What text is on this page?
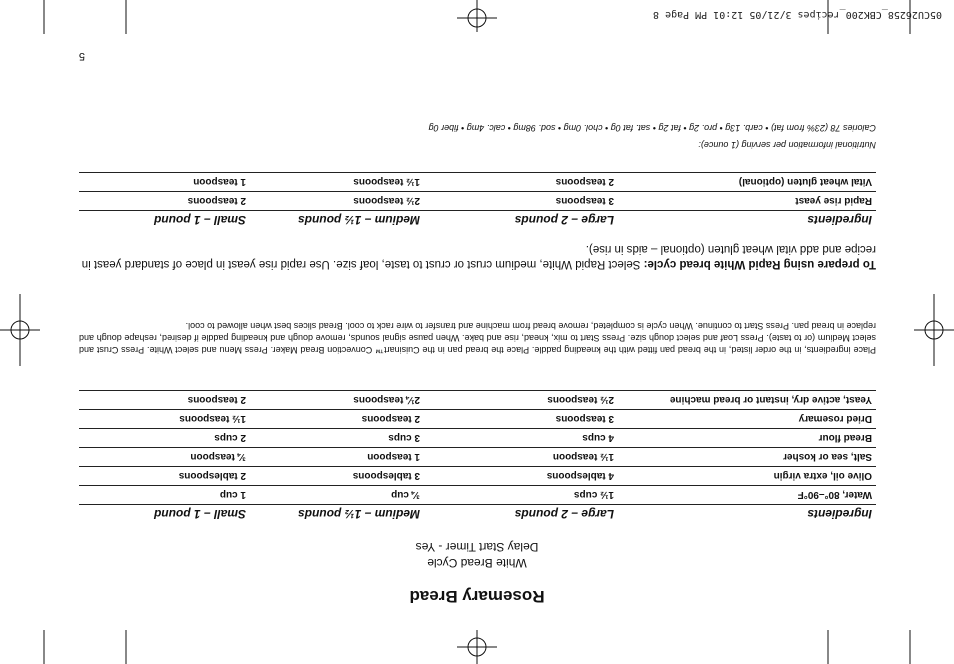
Rosemary Bread
White Bread Cycle
Delay Start Timer - Yes
Ingredients	Large – 2 pounds	Medium – 1½ pounds	Small – 1 pound
Water, 80°–90°F	1½ cups	¾ cup	1 cup
Olive oil, extra virgin	4 tablespoons	3 tablespoons	2 tablespoons
Salt, sea or kosher	1½ teaspoon	1 teaspoon	¾ teaspoon
Bread flour	4 cups	3 cups	2 cups
Dried rosemary	3 teaspoons	2 teaspoons	1½ teaspoons
Yeast, active dry, instant or bread machine	2½ teaspoons	2¼ teaspoons	2 teaspoons
Place ingredients, in the order listed, in the bread pan fitted with the kneading paddle. Place the bread pan in the Cuisinart™ Convection Bread Maker. Press Menu and select White. Press Crust and select Medium (or to taste). Press Loaf and select dough size. Press Start to mix, knead, rise and bake. When pause signal sounds, remove dough and kneading paddle if desired, reshape dough and replace in bread pan. Press Start to continue. When cycle is completed, remove bread from machine and transfer to wire rack to cool. Bread slices best when allowed to cool.
To prepare using Rapid White bread cycle: Select Rapid White, medium crust or crust to taste, loaf size. Use rapid rise yeast in place of standard yeast in recipe and add vital wheat gluten (optional – aids in rise).
Ingredients	Large – 2 pounds	Medium – 1½ pounds	Small – 1 pound
Rapid rise yeast	3 teaspoons	2½ teaspoons	2 teaspoons
Vital wheat gluten (optional)	2 teaspoons	1½ teaspoons	1 teaspoon
Nutritional information per serving (1 ounce):
Calories 78 (23% from fat) • carb. 13g • pro. 2g • fat 2g • sat. fat 0g • chol. 0mg • sod. 98mg • calc. 4mg • fiber 0g
5
05CU26258_CBK200_recipes 3/21/05 12:01 PM Page 8
